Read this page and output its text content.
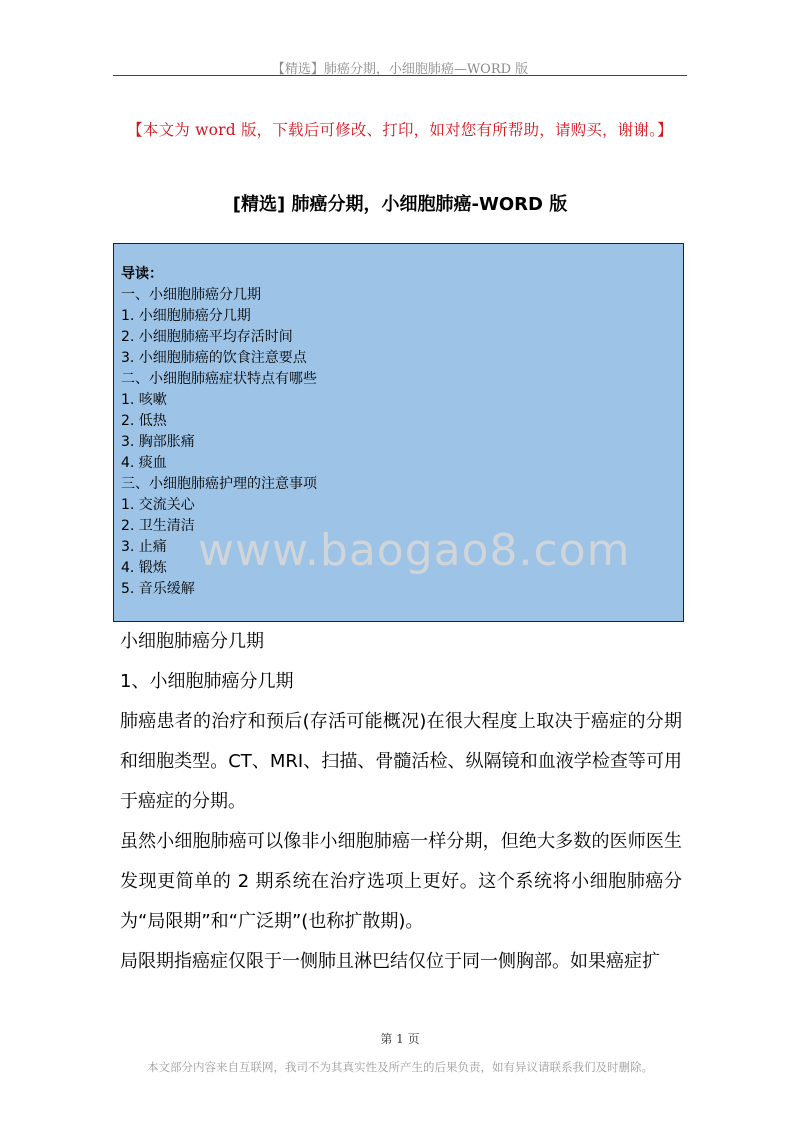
【精选】肺癌分期，小细胞肺癌—WORD 版
【本文为 word 版，下载后可修改、打印，如对您有所帮助，请购买，谢谢。】
[精选] 肺癌分期，小细胞肺癌-WORD 版
导读：
一、小细胞肺癌分几期
1. 小细胞肺癌分几期
2. 小细胞肺癌平均存活时间
3. 小细胞肺癌的饮食注意要点
二、小细胞肺癌症状特点有哪些
1. 咳嗽
2. 低热
3. 胸部胀痛
4. 痰血
三、小细胞肺癌护理的注意事项
1. 交流关心
2. 卫生清洁
3. 止痛
4. 锻炼
5. 音乐缓解
www.baogao8.com

小细胞肺癌分几期

1、小细胞肺癌分几期

肺癌患者的治疗和预后(存活可能概况)在很大程度上取决于癌症的分期和细胞类型。CT、MRI、扫描、骨髓活检、纵隔镜和血液学检查等可用于癌症的分期。

虽然小细胞肺癌可以像非小细胞肺癌一样分期，但绝大多数的医师医生发现更简单的 2 期系统在治疗选项上更好。这个系统将小细胞肺癌分为“局限期”和“广泛期”(也称扩散期)。

局限期指癌症仅限于一侧肺且淋巴结仅位于同一侧胸部。如果癌症扩

第 1 页
本文部分内容来自互联网，我司不为其真实性及所产生的后果负责，如有异议请联系我们及时删除。
